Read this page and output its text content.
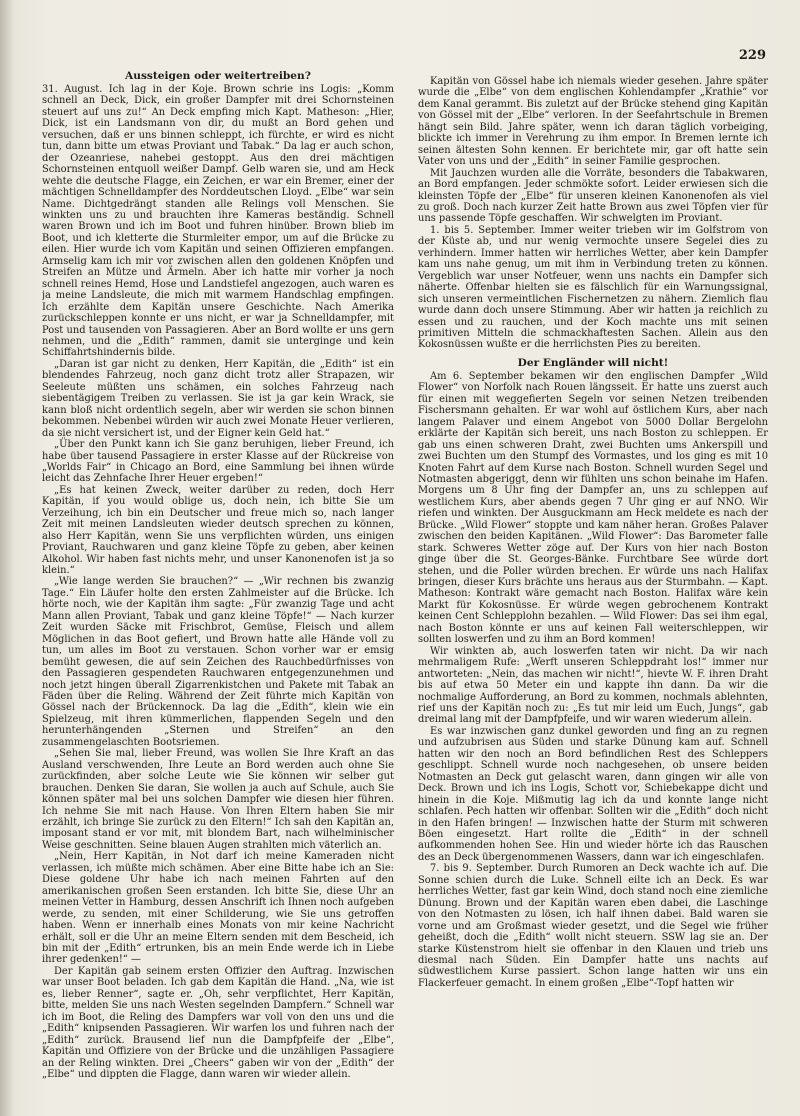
229
Aussteigen oder weitertreiben?

31. August. Ich lag in der Koje. Brown schrie ins Logis: „Komm schnell an Deck, Dick, ein großer Dampfer mit drei Schornsteinen steuert auf uns zu!“ An Deck empfing mich Kapt. Matheson: „Hier, Dick, ist ein Landsmann von dir, du mußt an Bord gehen und versuchen, daß er uns binnen schleppt, ich fürchte, er wird es nicht tun, dann bitte um etwas Proviant und Tabak.“ Da lag er auch schon, der Ozeanriese, nahebei gestoppt. Aus den drei mächtigen Schornsteinen entquoll weißer Dampf. Gelb waren sie, und am Heck wehte die deutsche Flagge, ein Zeichen, er war ein Bremer, einer der mächtigen Schnelldampfer des Norddeutschen Lloyd. „Elbe“ war sein Name. Dichtgedrängt standen alle Relings voll Menschen. Sie winkten uns zu und brauchten ihre Kameras beständig. Schnell waren Brown und ich im Boot und fuhren hinüber. Brown blieb im Boot, und ich kletterte die Sturmleiter empor, um auf die Brücke zu eilen. Hier wurde ich vom Kapitän und seinen Offizieren empfangen. Armselig kam ich mir vor zwischen allen den goldenen Knöpfen und Streifen an Mütze und Ärmeln. Aber ich hatte mir vorher ja noch schnell reines Hemd, Hose und Landstiefel angezogen, auch waren es ja meine Landsleute, die mich mit warmem Handschlag empfingen. Ich erzählte dem Kapitän unsere Geschichte. Nach Amerika zurückschleppen konnte er uns nicht, er war ja Schnelldampfer, mit Post und tausenden von Passagieren. Aber an Bord wollte er uns gern nehmen, und die „Edith“ rammen, damit sie unterginge und kein Schiffahrtshindernis bilde.

„Daran ist gar nicht zu denken, Herr Kapitän, die „Edith“ ist ein blendendes Fahrzeug, noch ganz dicht trotz aller Strapazen, wir Seeleute müßten uns schämen, ein solches Fahrzeug nach siebentägigem Treiben zu verlassen. Sie ist ja gar kein Wrack, sie kann bloß nicht ordentlich segeln, aber wir werden sie schon binnen bekommen. Nebenbei würden wir auch zwei Monate Heuer verlieren, da sie nicht versichert ist, und der Eigner kein Geld hat.“

„Über den Punkt kann ich Sie ganz beruhigen, lieber Freund, ich habe über tausend Passagiere in erster Klasse auf der Rückreise von „Worlds Fair“ in Chicago an Bord, eine Sammlung bei ihnen würde leicht das Zehnfache Ihrer Heuer ergeben!“

„Es hat keinen Zweck, weiter darüber zu reden, doch Herr Kapitän, if you would oblige us, doch nein, ich bitte Sie um Verzeihung, ich bin ein Deutscher und freue mich so, nach langer Zeit mit meinen Landsleuten wieder deutsch sprechen zu können, also Herr Kapitän, wenn Sie uns verpflichten würden, uns einigen Proviant, Rauchwaren und ganz kleine Töpfe zu geben, aber keinen Alkohol. Wir haben fast nichts mehr, und unser Kanonenofen ist ja so klein.“

„Wie lange werden Sie brauchen?“ — „Wir rechnen bis zwanzig Tage.“ Ein Läufer holte den ersten Zahlmeister auf die Brücke. Ich hörte noch, wie der Kapitän ihm sagte: „Für zwanzig Tage und acht Mann allen Proviant, Tabak und ganz kleine Töpfe!“ — Nach kurzer Zeit wurden Säcke mit Frischbrot, Gemüse, Fleisch und allem Möglichen in das Boot gefiert, und Brown hatte alle Hände voll zu tun, um alles im Boot zu verstauen. Schon vorher war er emsig bemüht gewesen, die auf sein Zeichen des Rauchbedürfnisses von den Passagieren gespendeten Rauchwaren entgegenzunehmen und noch jetzt hingen überall Zigarrenkistchen und Pakete mit Tabak an Fäden über die Reling. Während der Zeit führte mich Kapitän von Gössel nach der Brückennock. Da lag die „Edith“, klein wie ein Spielzeug, mit ihren kümmerlichen, flappenden Segeln und den herunterhängenden „Sternen und Streifen“ an den zusammengelaschten Bootsriemen.

„Sehen Sie mal, lieber Freund, was wollen Sie Ihre Kraft an das Ausland verschwenden, Ihre Leute an Bord werden auch ohne Sie zurückfinden, aber solche Leute wie Sie können wir selber gut brauchen. Denken Sie daran, Sie wollen ja auch auf Schule, auch Sie können später mal bei uns solchen Dampfer wie diesen hier führen. Ich nehme Sie mit nach Hause. Von Ihren Eltern haben Sie mir erzählt, ich bringe Sie zurück zu den Eltern!“ Ich sah den Kapitän an, imposant stand er vor mit, mit blondem Bart, nach wilhelminischer Weise geschnitten. Seine blauen Augen strahlten mich väterlich an.

„Nein, Herr Kapitän, in Not darf ich meine Kameraden nicht verlassen, ich müßte mich schämen. Aber eine Bitte habe ich an Sie: Diese goldene Uhr habe ich nach meinen Fahrten auf den amerikanischen großen Seen erstanden. Ich bitte Sie, diese Uhr an meinen Vetter in Hamburg, dessen Anschrift ich Ihnen noch aufgeben werde, zu senden, mit einer Schilderung, wie Sie uns getroffen haben. Wenn er innerhalb eines Monats von mir keine Nachricht erhält, soll er die Uhr an meine Eltern senden mit dem Bescheid, ich bin mit der „Edith“ ertrunken, bis an mein Ende werde ich in Liebe ihrer gedenken!“ —

Der Kapitän gab seinem ersten Offizier den Auftrag. Inzwischen war unser Boot beladen. Ich gab dem Kapitän die Hand. „Na, wie ist es, lieber Renner“, sagte er. „Oh, sehr verpflichtet, Herr Kapitän, bitte, melden Sie uns nach Westen segelnden Dampfern.“ Schnell war ich im Boot, die Reling des Dampfers war voll von den uns und die „Edith“ knipsenden Passagieren. Wir warfen los und fuhren nach der „Edith“ zurück. Brausend lief nun die Dampfpfeife der „Elbe“, Kapitän und Offiziere von der Brücke und die unzähligen Passagiere an der Reling winkten. Drei „Cheers“ gaben wir von der „Edith“ der „Elbe“ und dippten die Flagge, dann waren wir wieder allein.

Kapitän von Gössel habe ich niemals wieder gesehen. Jahre später wurde die „Elbe“ von dem englischen Kohlendampfer „Krathie“ vor dem Kanal gerammt. Bis zuletzt auf der Brücke stehend ging Kapitän von Gössel mit der „Elbe“ verloren. In der Seefahrtschule in Bremen hängt sein Bild. Jahre später, wenn ich daran täglich vorbeiging, blickte ich immer in Verehrung zu ihm empor. In Bremen lernte ich seinen ältesten Sohn kennen. Er berichtete mir, gar oft hatte sein Vater von uns und der „Edith“ in seiner Familie gesprochen.

Mit Jauchzen wurden alle die Vorräte, besonders die Tabakwaren, an Bord empfangen. Jeder schmökte sofort. Leider erwiesen sich die kleinsten Töpfe der „Elbe“ für unseren kleinen Kanonenofen als viel zu groß. Doch nach kurzer Zeit hatte Brown aus zwei Töpfen vier für uns passende Töpfe geschaffen. Wir schwelgten im Proviant.

1. bis 5. September. Immer weiter trieben wir im Golfstrom von der Küste ab, und nur wenig vermochte unsere Segelei dies zu verhindern. Immer hatten wir herrliches Wetter, aber kein Dampfer kam uns nahe genug, um mit ihm in Verbindung treten zu können. Vergeblich war unser Notfeuer, wenn uns nachts ein Dampfer sich näherte. Offenbar hielten sie es fälschlich für ein Warnungssignal, sich unseren vermeintlichen Fischernetzen zu nähern. Ziemlich flau wurde dann doch unsere Stimmung. Aber wir hatten ja reichlich zu essen und zu rauchen, und der Koch machte uns mit seinen primitiven Mitteln die schmackhaftesten Sachen. Allein aus den Kokosnüssen wußte er die herrlichsten Pies zu bereiten.

Der Engländer will nicht!

Am 6. September bekamen wir den englischen Dampfer „Wild Flower“ von Norfolk nach Rouen längsseit. Er hatte uns zuerst auch für einen mit weggefierten Segeln vor seinen Netzen treibenden Fischersmann gehalten. Er war wohl auf östlichem Kurs, aber nach langem Palaver und einem Angebot von 5000 Dollar Bergelohn erklärte der Kapitän sich bereit, uns nach Boston zu schleppen. Er gab uns einen schweren Draht, zwei Buchten ums Ankerspill und zwei Buchten um den Stumpf des Vormastes, und los ging es mit 10 Knoten Fahrt auf dem Kurse nach Boston. Schnell wurden Segel und Notmasten abgeriggt, denn wir fühlten uns schon beinahe im Hafen. Morgens um 8 Uhr fing der Dampfer an, uns zu schleppen auf westlichem Kurs, aber abends gegen 7 Uhr ging er auf NNO. Wir riefen und winkten. Der Ausguckmann am Heck meldete es nach der Brücke. „Wild Flower“ stoppte und kam näher heran. Großes Palaver zwischen den beiden Kapitänen. „Wild Flower“: Das Barometer falle stark. Schweres Wetter zöge auf. Der Kurs von hier nach Boston ginge über die St. Georges-Bänke. Furchtbare See würde dort stehen, und die Poller würden brechen. Er würde uns nach Halifax bringen, dieser Kurs brächte uns heraus aus der Sturmbahn. — Kapt. Matheson: Kontrakt wäre gemacht nach Boston. Halifax wäre kein Markt für Kokosnüsse. Er würde wegen gebrochenem Kontrakt keinen Cent Schlepplohn bezahlen. — Wild Flower: Das sei ihm egal, nach Boston könnte er uns auf keinen Fall weiterschleppen, wir sollten loswerfen und zu ihm an Bord kommen!

Wir winkten ab, auch loswerfen taten wir nicht. Da wir nach mehrmaligem Rufe: „Werft unseren Schleppdraht los!“ immer nur antworteten: „Nein, das machen wir nicht!“, hievte W. F. ihren Draht bis auf etwa 50 Meter ein und kappte ihn dann. Da wir die nochmalige Aufforderung, an Bord zu kommen, nochmals ablehnten, rief uns der Kapitän noch zu: „Es tut mir leid um Euch, Jungs“, gab dreimal lang mit der Dampfpfeife, und wir waren wiederum allein.

Es war inzwischen ganz dunkel geworden und fing an zu regnen und aufzubrisen aus Süden und starke Dünung kam auf. Schnell hatten wir den noch an Bord befindlichen Rest des Schleppers geschlippt. Schnell wurde noch nachgesehen, ob unsere beiden Notmasten an Deck gut gelascht waren, dann gingen wir alle von Deck. Brown und ich ins Logis, Schott vor, Schiebekappe dicht und hinein in die Koje. Mißmutig lag ich da und konnte lange nicht schlafen. Pech hatten wir offenbar. Sollten wir die „Edith“ doch nicht in den Hafen bringen! — Inzwischen hatte der Sturm mit schweren Böen eingesetzt. Hart rollte die „Edith“ in der schnell aufkommenden hohen See. Hin und wieder hörte ich das Rauschen des an Deck übergenommenen Wassers, dann war ich eingeschlafen.

7. bis 9. September. Durch Rumoren an Deck wachte ich auf. Die Sonne schien durch die Luke. Schnell eilte ich an Deck. Es war herrliches Wetter, fast gar kein Wind, doch stand noch eine ziemliche Dünung. Brown und der Kapitän waren eben dabei, die Laschinge von den Notmasten zu lösen, ich half ihnen dabei. Bald waren sie vorne und am Großmast wieder gesetzt, und die Segel wie früher geheißt, doch die „Edith“ wollt nicht steuern. SSW lag sie an. Der starke Küstenstrom hielt sie offenbar in den Klauen und trieb uns diesmal nach Süden. Ein Dampfer hatte uns nachts auf südwestlichem Kurse passiert. Schon lange hatten wir uns ein Flackerfeuer gemacht. In einem großen „Elbe“-Topf hatten wir
